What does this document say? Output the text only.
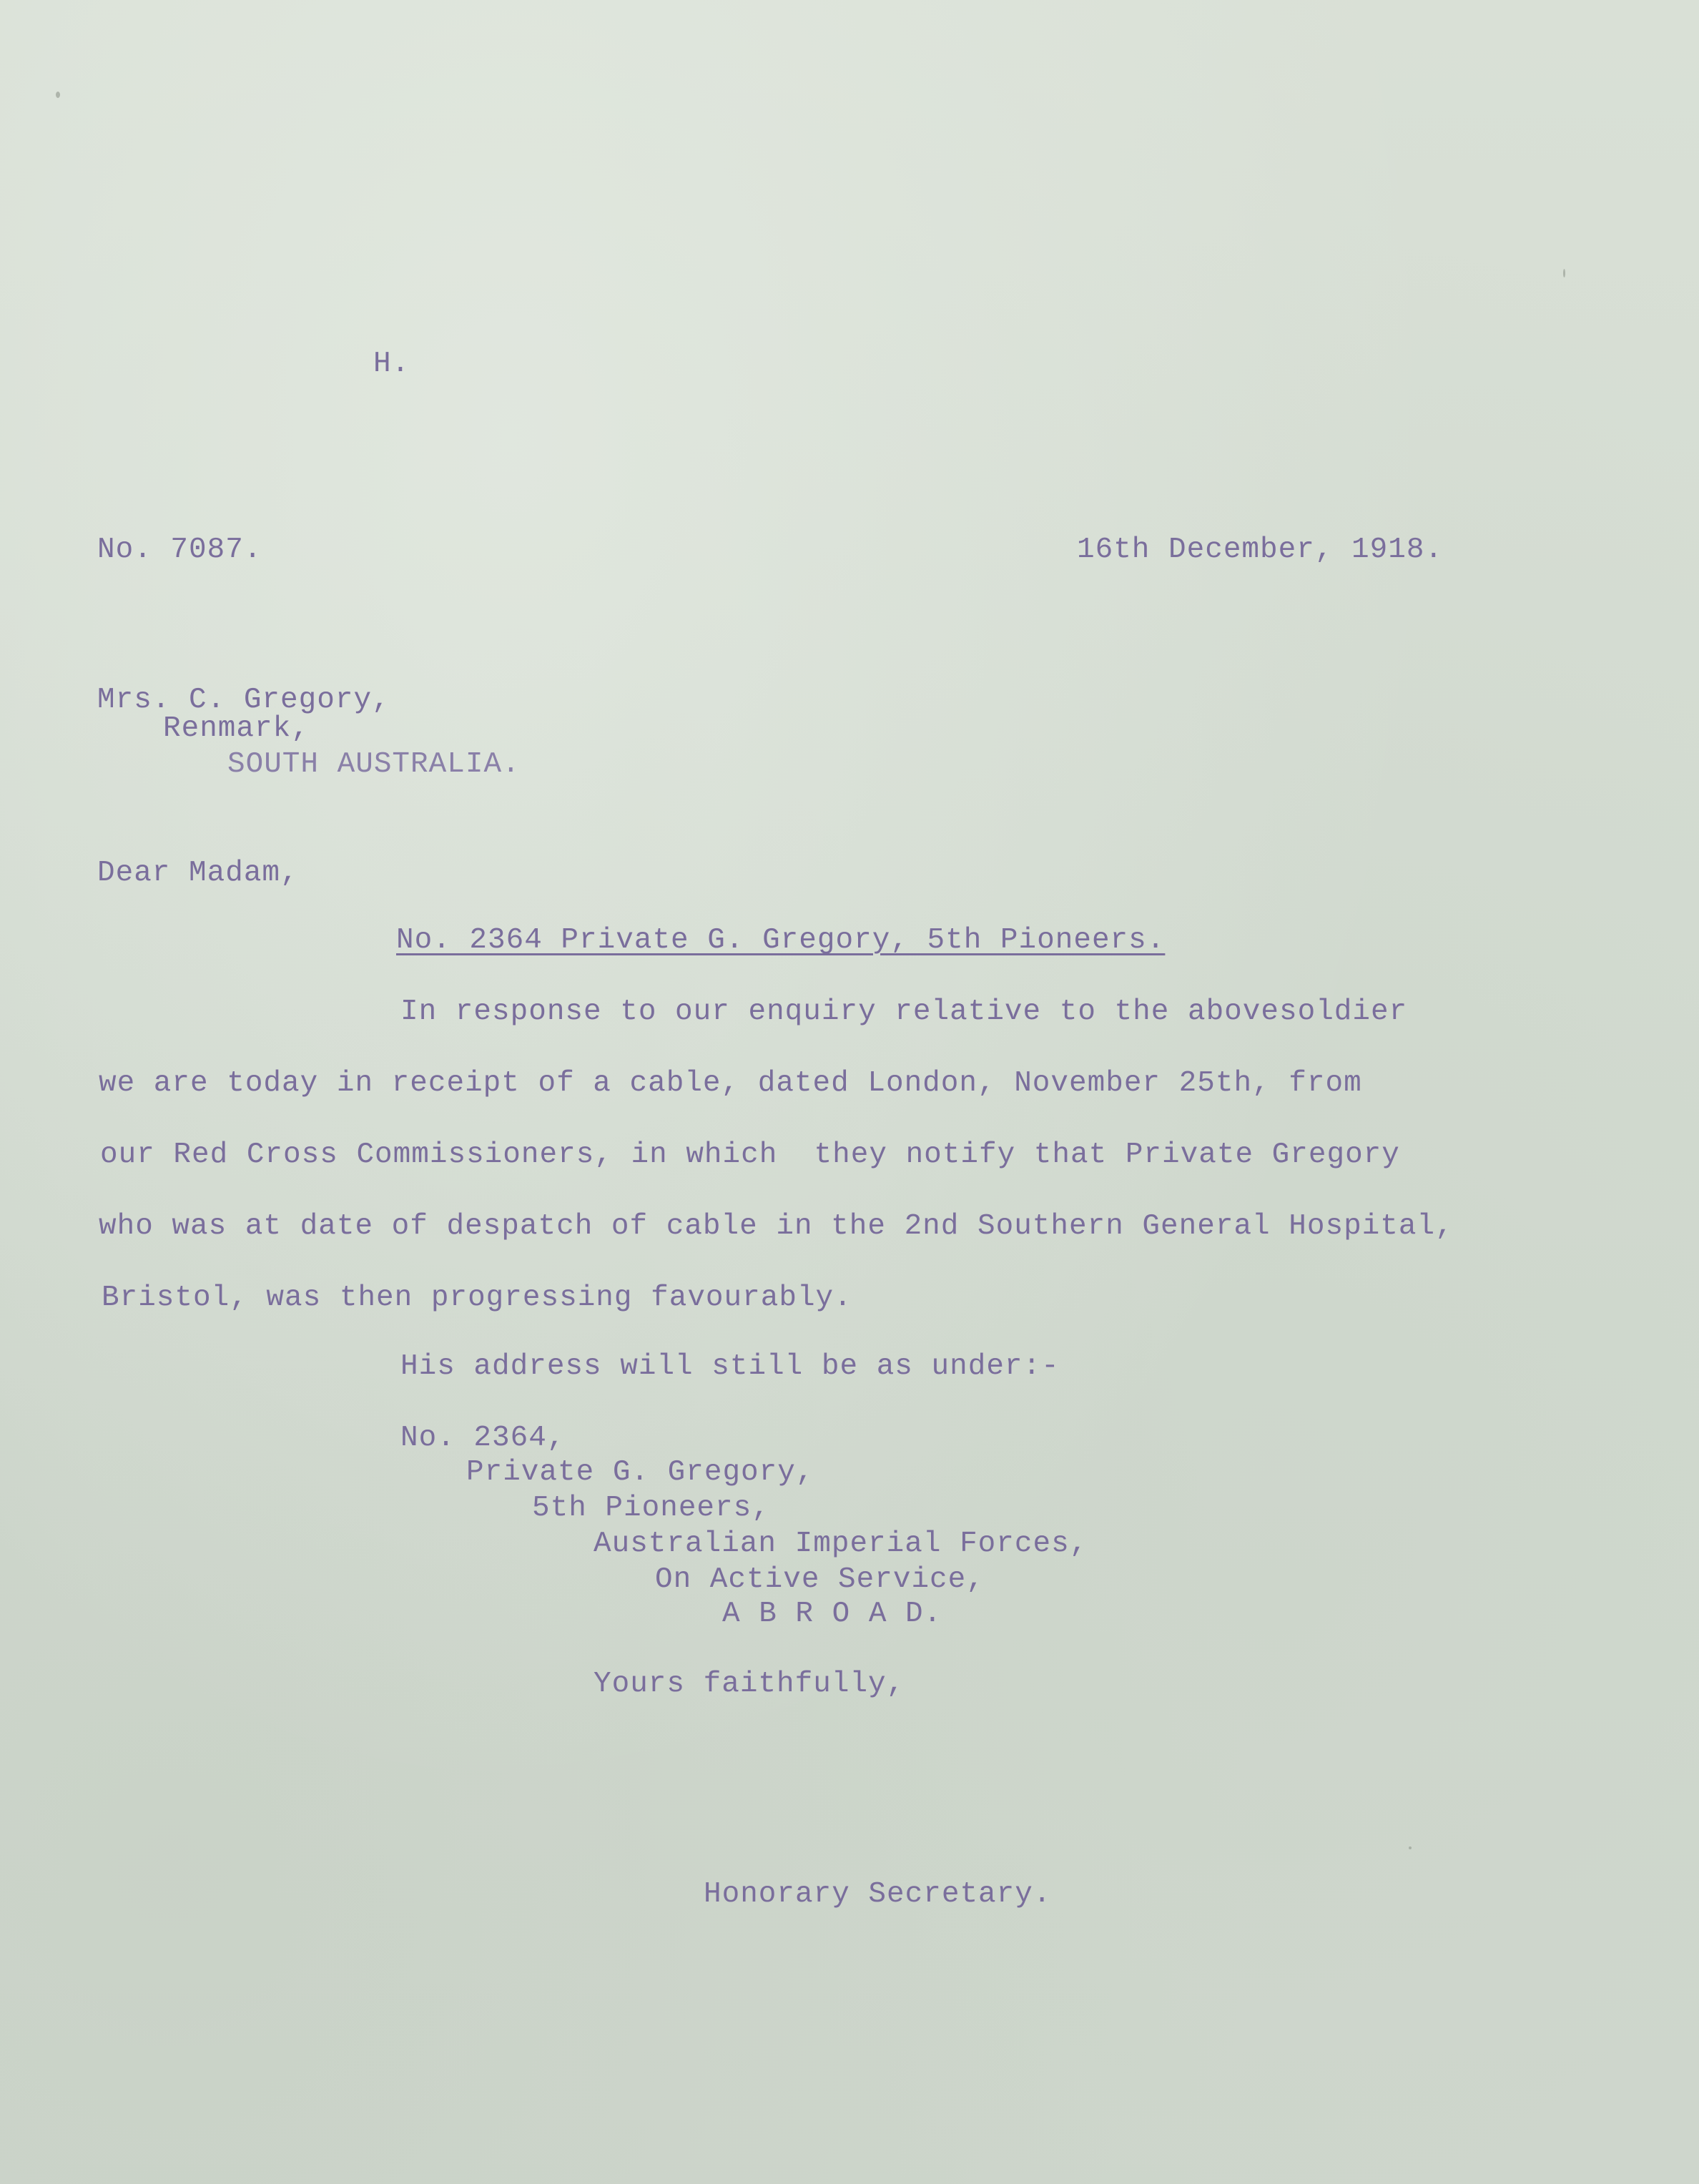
H.

No. 7087.	16th December, 1918.

Mrs. C. Gregory,

Renmark,

SOUTH AUSTRALIA.

Dear Madam,

No. 2364 Private G. Gregory, 5th Pioneers.

In response to our enquiry relative to the abovesoldier

we are today in receipt of a cable, dated London, November 25th, from

our Red Cross Commissioners, in which  they notify that Private Gregory

who was at date of despatch of cable in the 2nd Southern General Hospital,

Bristol, was then progressing favourably.

His address will still be as under:-

No. 2364,

Private G. Gregory,

5th Pioneers,

Australian Imperial Forces,

On Active Service,

A B R O A D.

Yours faithfully,

Honorary Secretary.
